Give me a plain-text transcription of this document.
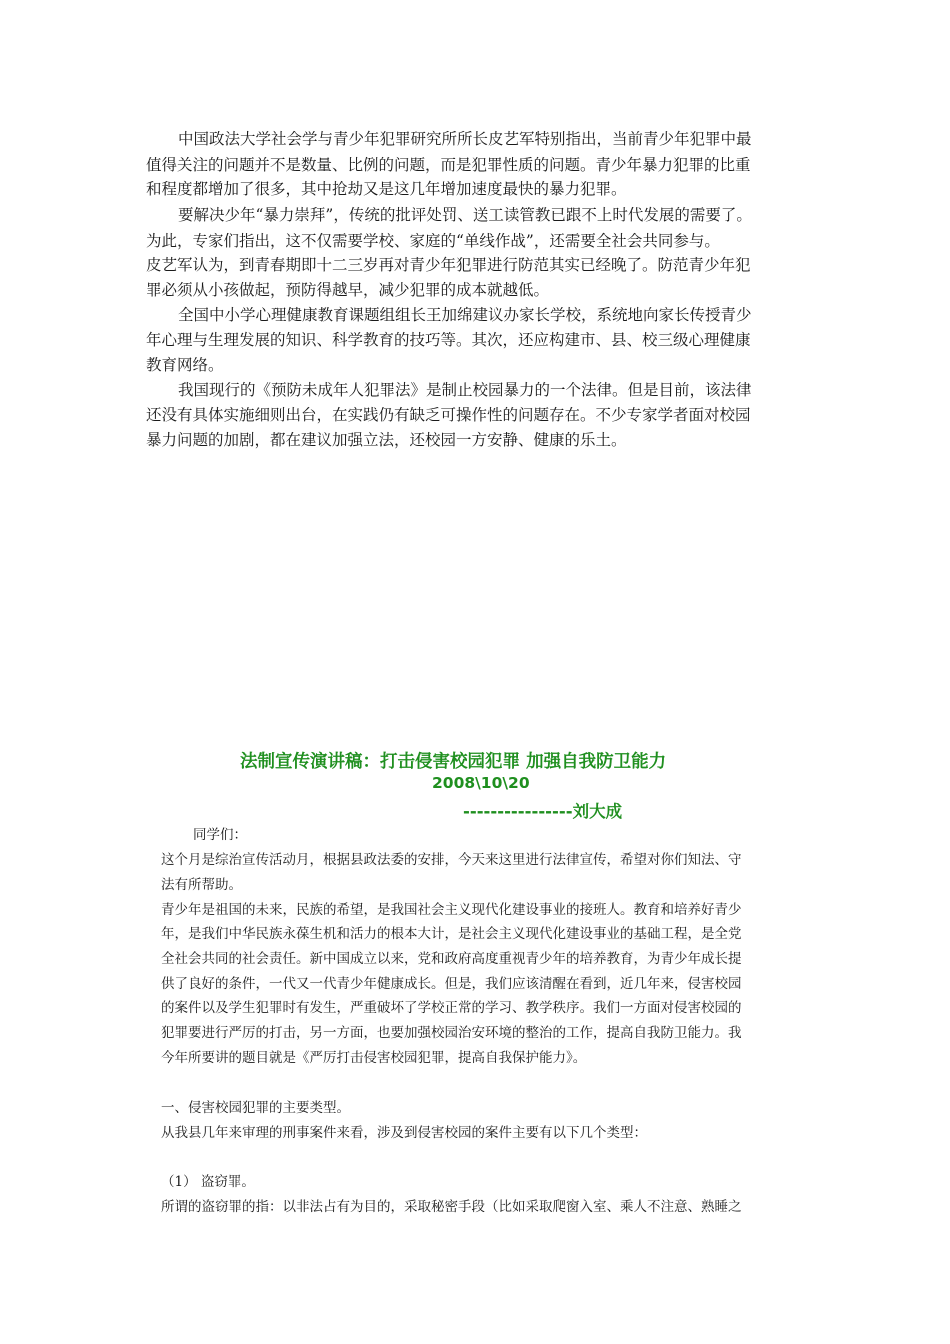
中国政法大学社会学与青少年犯罪研究所所长皮艺军特别指出，当前青少年犯罪中最

值得关注的问题并不是数量、比例的问题，而是犯罪性质的问题。青少年暴力犯罪的比重

和程度都增加了很多，其中抢劫又是这几年增加速度最快的暴力犯罪。

要解决少年“暴力崇拜”，传统的批评处罚、送工读管教已跟不上时代发展的需要了。

为此，专家们指出，这不仅需要学校、家庭的“单线作战”，还需要全社会共同参与。

皮艺军认为，到青春期即十二三岁再对青少年犯罪进行防范其实已经晚了。防范青少年犯

罪必须从小孩做起，预防得越早，减少犯罪的成本就越低。

全国中小学心理健康教育课题组组长王加绵建议办家长学校，系统地向家长传授青少

年心理与生理发展的知识、科学教育的技巧等。其次，还应构建市、县、校三级心理健康

教育网络。

我国现行的《预防未成年人犯罪法》是制止校园暴力的一个法律。但是目前，该法律

还没有具体实施细则出台，在实践仍有缺乏可操作性的问题存在。不少专家学者面对校园

暴力问题的加剧，都在建议加强立法，还校园一方安静、健康的乐土。

法制宣传演讲稿：打击侵害校园犯罪 加强自我防卫能力

2008\10\20

----------------刘大成

同学们：

这个月是综治宣传活动月，根据县政法委的安排，今天来这里进行法律宣传，希望对你们知法、守

法有所帮助。

青少年是祖国的未来，民族的希望，是我国社会主义现代化建设事业的接班人。教育和培养好青少

年，是我们中华民族永葆生机和活力的根本大计，是社会主义现代化建设事业的基础工程，是全党

全社会共同的社会责任。新中国成立以来，党和政府高度重视青少年的培养教育，为青少年成长提

供了良好的条件，一代又一代青少年健康成长。但是，我们应该清醒在看到，近几年来，侵害校园

的案件以及学生犯罪时有发生，严重破坏了学校正常的学习、教学秩序。我们一方面对侵害校园的

犯罪要进行严厉的打击，另一方面，也要加强校园治安环境的整治的工作，提高自我防卫能力。我

今年所要讲的题目就是《严厉打击侵害校园犯罪，提高自我保护能力》。

一、侵害校园犯罪的主要类型。

从我县几年来审理的刑事案件来看，涉及到侵害校园的案件主要有以下几个类型：

（1） 盗窃罪。

所谓的盗窃罪的指：以非法占有为目的，采取秘密手段（比如采取爬窗入室、乘人不注意、熟睡之
